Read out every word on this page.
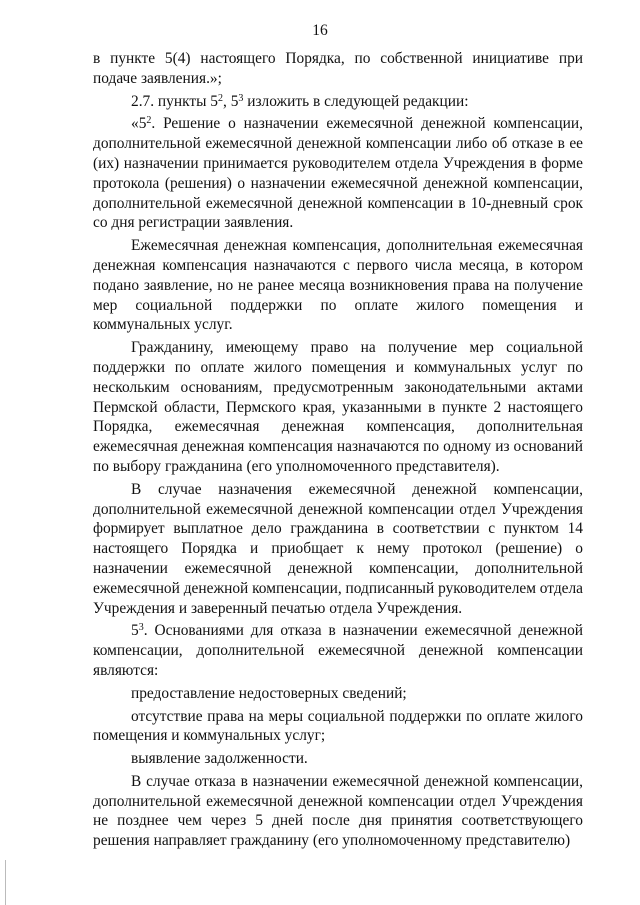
16

в пункте 5(4) настоящего Порядка, по собственной инициативе при подаче заявления.»;

2.7. пункты $5^2$, $5^3$ изложить в следующей редакции:

«$5^2$. Решение о назначении ежемесячной денежной компенсации, дополнительной ежемесячной денежной компенсации либо об отказе в ее (их) назначении принимается руководителем отдела Учреждения в форме протокола (решения) о назначении ежемесячной денежной компенсации, дополнительной ежемесячной денежной компенсации в 10-дневный срок со дня регистрации заявления.

Ежемесячная денежная компенсация, дополнительная ежемесячная денежная компенсация назначаются с первого числа месяца, в котором подано заявление, но не ранее месяца возникновения права на получение мер социальной поддержки по оплате жилого помещения и коммунальных услуг.

Гражданину, имеющему право на получение мер социальной поддержки по оплате жилого помещения и коммунальных услуг по нескольким основаниям, предусмотренным законодательными актами Пермской области, Пермского края, указанными в пункте 2 настоящего Порядка, ежемесячная денежная компенсация, дополнительная ежемесячная денежная компенсация назначаются по одному из оснований по выбору гражданина (его уполномоченного представителя).

В случае назначения ежемесячной денежной компенсации, дополнительной ежемесячной денежной компенсации отдел Учреждения формирует выплатное дело гражданина в соответствии с пунктом 14 настоящего Порядка и приобщает к нему протокол (решение) о назначении ежемесячной денежной компенсации, дополнительной ежемесячной денежной компенсации, подписанный руководителем отдела Учреждения и заверенный печатью отдела Учреждения.

$5^3$. Основаниями для отказа в назначении ежемесячной денежной компенсации, дополнительной ежемесячной денежной компенсации являются:

предоставление недостоверных сведений;

отсутствие права на меры социальной поддержки по оплате жилого помещения и коммунальных услуг;

выявление задолженности.

В случае отказа в назначении ежемесячной денежной компенсации, дополнительной ежемесячной денежной компенсации отдел Учреждения не позднее чем через 5 дней после дня принятия соответствующего решения направляет гражданину (его уполномоченному представителю)
